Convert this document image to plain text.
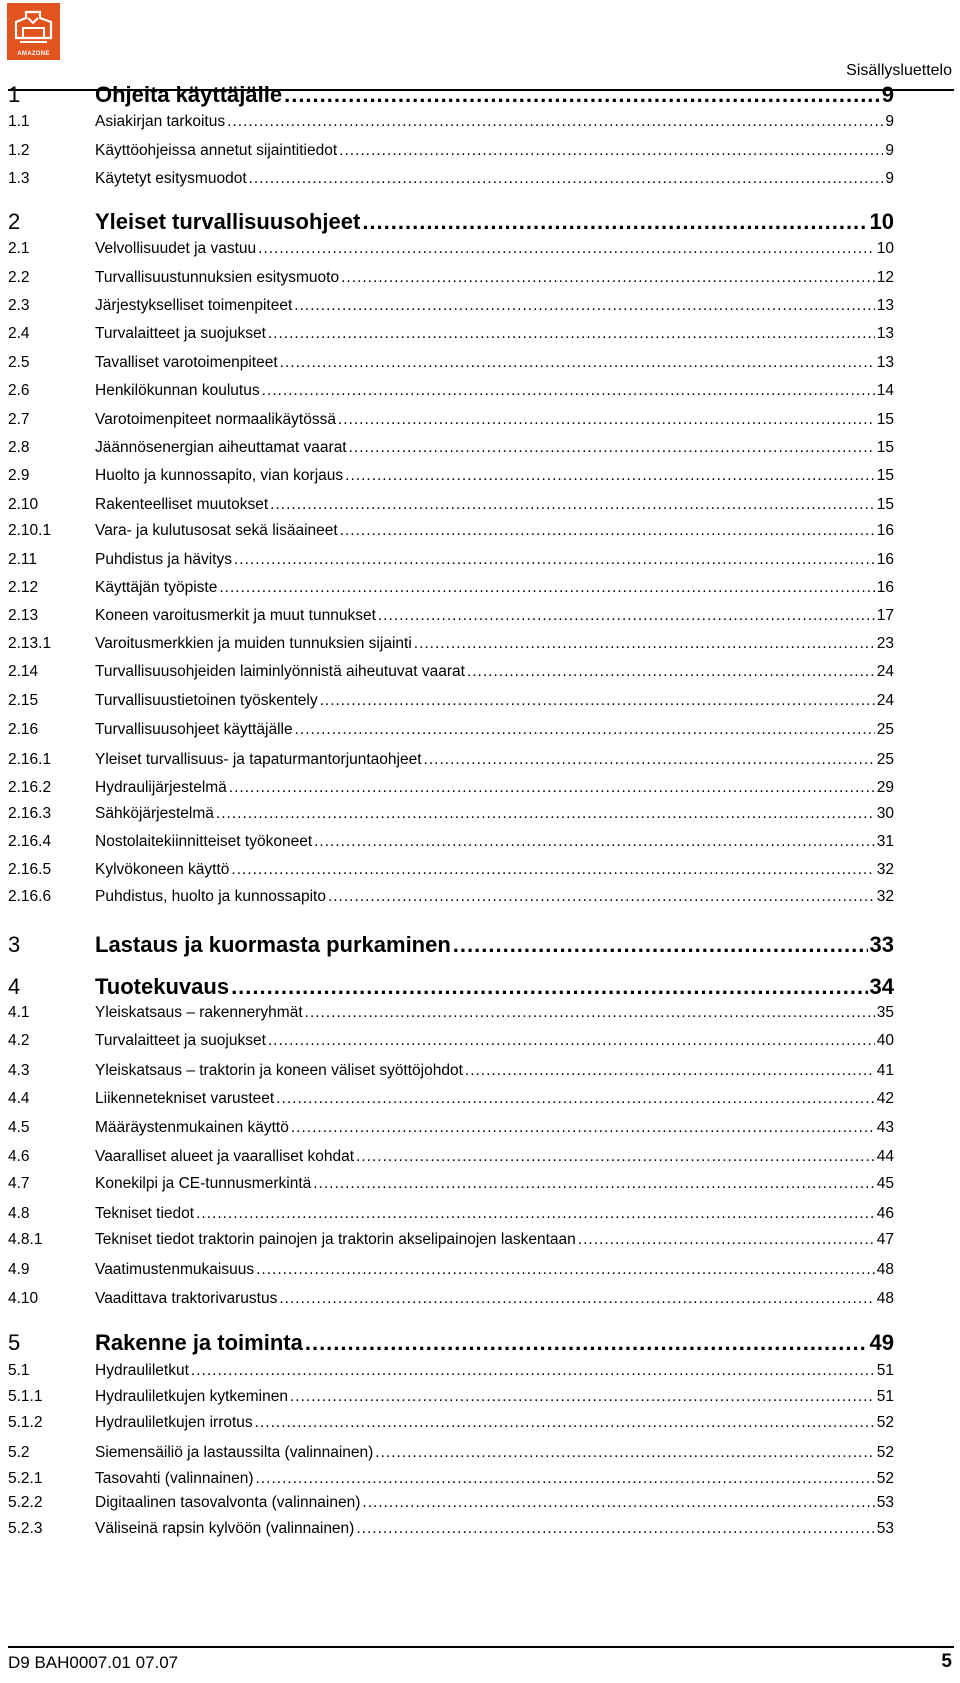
AMAZONE
Sisällysluettelo
1	Ohjeita käyttäjälle .....	9
1.1	Asiakirjan tarkoitus .....	9
1.2	Käyttöohjeissa annetut sijaintitiedot .....	9
1.3	Käytetyt esitysmuodot .....	9
2	Yleiset turvallisuusohjeet .....	10
2.1	Velvollisuudet ja vastuu .....	10
2.2	Turvallisuustunnuksien esitysmuoto .....	12
2.3	Järjestykselliset toimenpiteet .....	13
2.4	Turvalaitteet ja suojukset .....	13
2.5	Tavalliset varotoimenpiteet .....	13
2.6	Henkilökunnan koulutus .....	14
2.7	Varotoimenpiteet normaalikäytössä .....	15
2.8	Jäännösenergian aiheuttamat vaarat .....	15
2.9	Huolto ja kunnossapito, vian korjaus .....	15
2.10	Rakenteelliset muutokset .....	15
2.10.1	Vara- ja kulutusosat sekä lisäaineet .....	16
2.11	Puhdistus ja hävitys .....	16
2.12	Käyttäjän työpiste .....	16
2.13	Koneen varoitusmerkit ja muut tunnukset .....	17
2.13.1	Varoitusmerkkien ja muiden tunnuksien sijainti .....	23
2.14	Turvallisuusohjeiden laiminlyönnistä aiheutuvat vaarat .....	24
2.15	Turvallisuustietoinen työskentely .....	24
2.16	Turvallisuusohjeet käyttäjälle .....	25
2.16.1	Yleiset turvallisuus- ja tapaturmantorjuntaohjeet .....	25
2.16.2	Hydraulijärjestelmä .....	29
2.16.3	Sähköjärjestelmä .....	30
2.16.4	Nostolaitekiinnitteiset työkoneet .....	31
2.16.5	Kylvökoneen käyttö .....	32
2.16.6	Puhdistus, huolto ja kunnossapito .....	32
3	Lastaus ja kuormasta purkaminen .....	33
4	Tuotekuvaus .....	34
4.1	Yleiskatsaus – rakenneryhmät .....	35
4.2	Turvalaitteet ja suojukset .....	40
4.3	Yleiskatsaus – traktorin ja koneen väliset syöttöjohdot .....	41
4.4	Liikennetekniset varusteet .....	42
4.5	Määräystenmukainen käyttö .....	43
4.6	Vaaralliset alueet ja vaaralliset kohdat .....	44
4.7	Konekilpi ja CE-tunnusmerkintä .....	45
4.8	Tekniset tiedot .....	46
4.8.1	Tekniset tiedot traktorin painojen ja traktorin akselipainojen laskentaan .....	47
4.9	Vaatimustenmukaisuus .....	48
4.10	Vaadittava traktorivarustus .....	48
5	Rakenne ja toiminta .....	49
5.1	Hydrauliletkut .....	51
5.1.1	Hydrauliletkujen kytkeminen .....	51
5.1.2	Hydrauliletkujen irrotus .....	52
5.2	Siemensäiliö ja lastaussilta (valinnainen) .....	52
5.2.1	Tasovahti (valinnainen) .....	52
5.2.2	Digitaalinen tasovalvonta (valinnainen) .....	53
5.2.3	Väliseinä rapsin kylvöön (valinnainen) .....	53
D9 BAH0007.01 07.07	5
